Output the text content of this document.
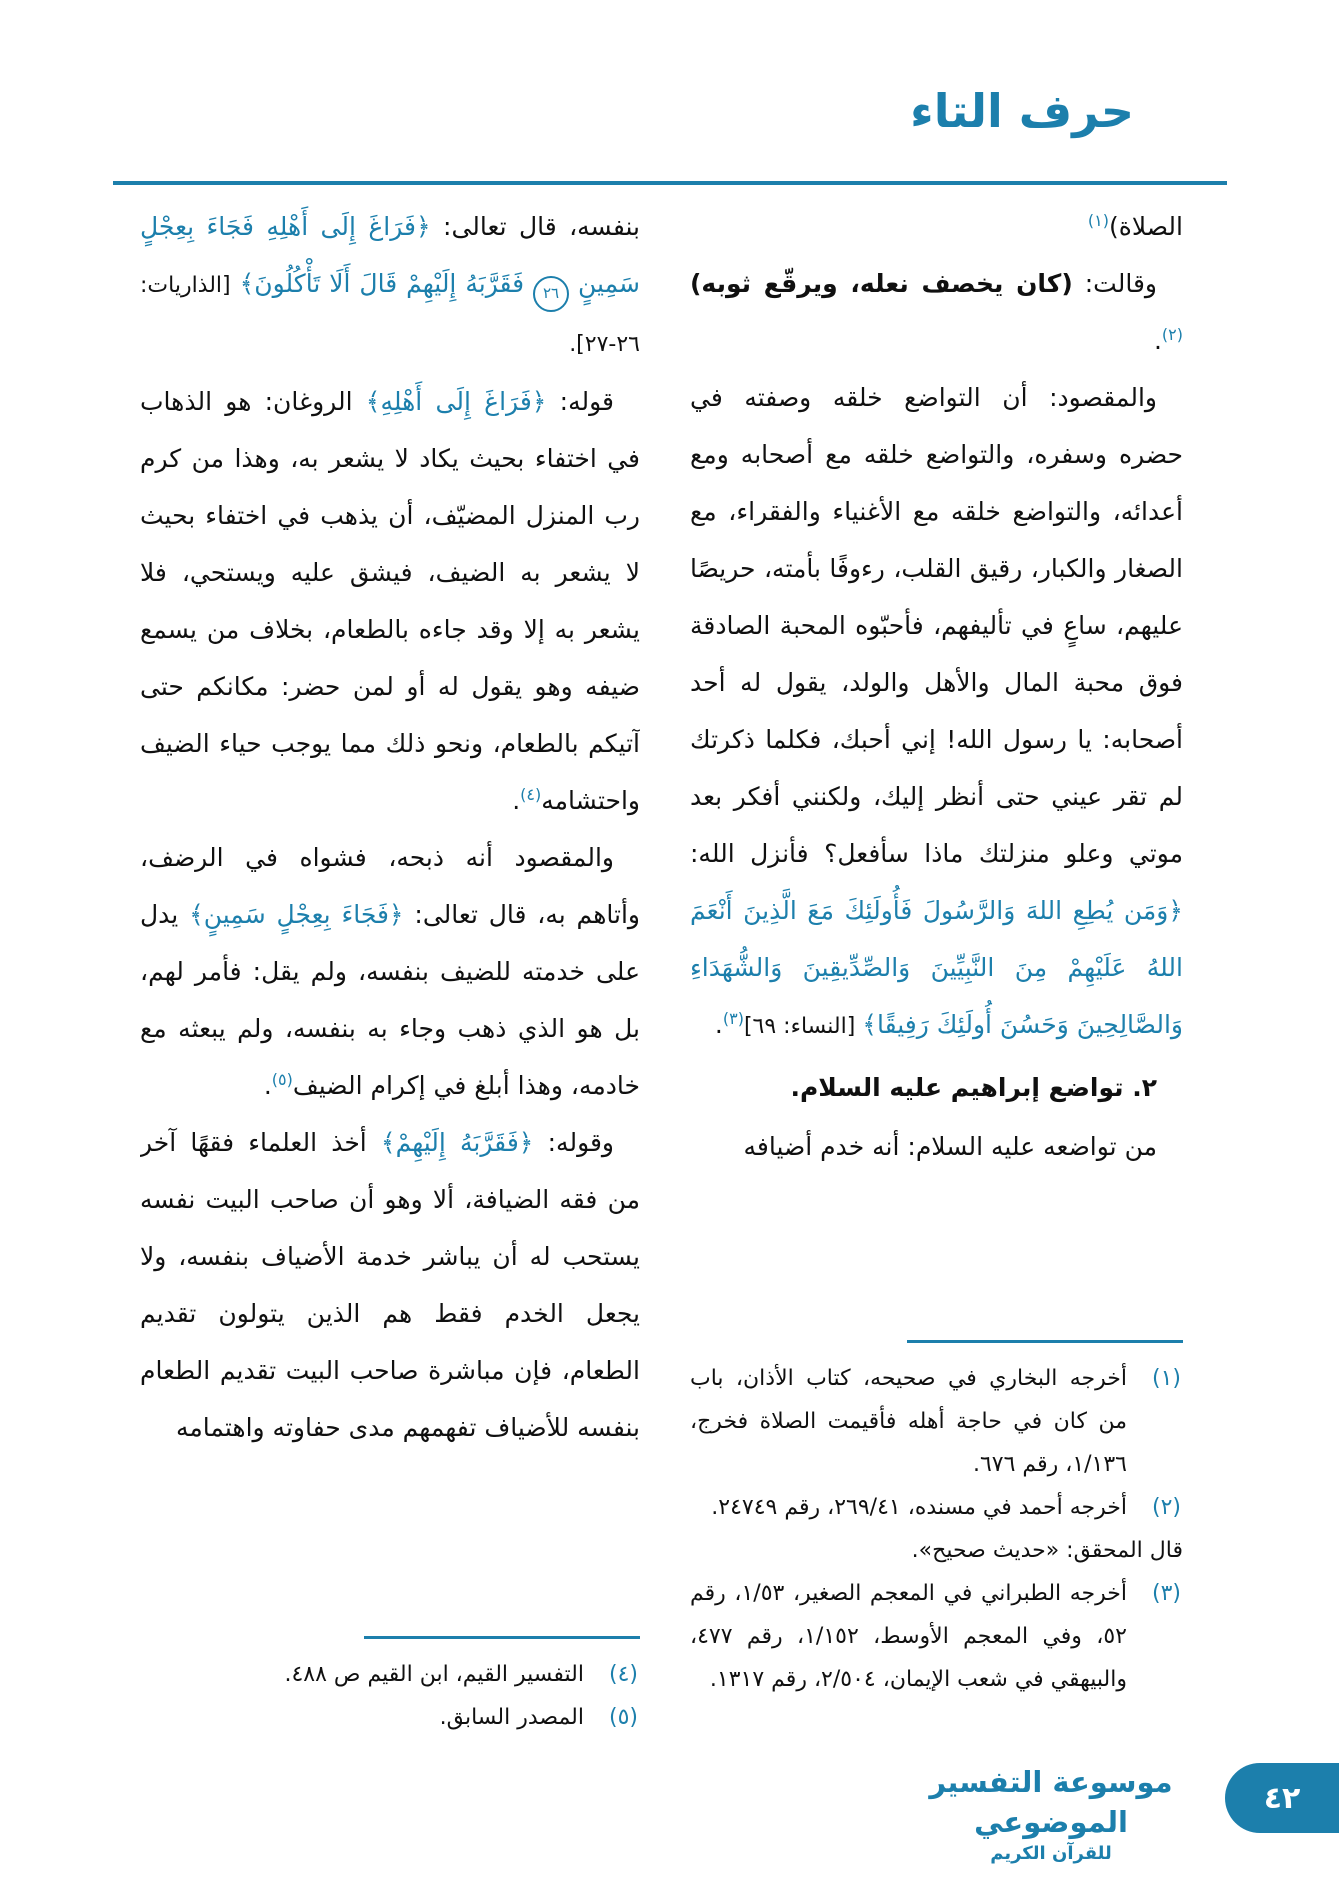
حرف التاء

الصلاة)$^{(١)}$

وقالت: (كان يخصف نعله، ويرقّع ثوبه)$^{(٢)}$.

والمقصود: أن التواضع خلقه وصفته في حضره وسفره، والتواضع خلقه مع أصحابه ومع أعدائه، والتواضع خلقه مع الأغنياء والفقراء، مع الصغار والكبار، رقيق القلب، رءوفًا بأمته، حريصًا عليهم، ساعٍ في تأليفهم، فأحبّوه المحبة الصادقة فوق محبة المال والأهل والولد، يقول له أحد أصحابه: يا رسول الله! إني أحبك، فكلما ذكرتك لم تقر عيني حتى أنظر إليك، ولكنني أفكر بعد موتي وعلو منزلتك ماذا سأفعل؟ فأنزل الله: ﴿وَمَن يُطِعِ اللهَ وَالرَّسُولَ فَأُولَئِكَ مَعَ الَّذِينَ أَنْعَمَ اللهُ عَلَيْهِمْ مِنَ النَّبِيِّينَ وَالصِّدِّيقِينَ وَالشُّهَدَاءِ وَالصَّالِحِينَ وَحَسُنَ أُولَئِكَ رَفِيقًا﴾ [النساء: ٦٩]$^{(٣)}$.

٢. تواضع إبراهيم عليه السلام.

من تواضعه عليه السلام: أنه خدم أضيافه

(١)
أخرجه البخاري في صحيحه، كتاب الأذان، باب من كان في حاجة أهله فأقيمت الصلاة فخرج، ١/١٣٦، رقم ٦٧٦.
(٢)
أخرجه أحمد في مسنده، ٢٦٩/٤١، رقم ٢٤٧٤٩.
قال المحقق: «حديث صحيح».
(٣)
أخرجه الطبراني في المعجم الصغير، ١/٥٣، رقم ٥٢، وفي المعجم الأوسط، ١/١٥٢، رقم ٤٧٧، والبيهقي في شعب الإيمان، ٢/٥٠٤، رقم ١٣١٧.

بنفسه، قال تعالى: ﴿فَرَاغَ إِلَى أَهْلِهِ فَجَاءَ بِعِجْلٍ سَمِينٍ ٢٦ فَقَرَّبَهُ إِلَيْهِمْ قَالَ أَلَا تَأْكُلُونَ﴾ [الذاريات: ٢٦-٢٧].

قوله: ﴿فَرَاغَ إِلَى أَهْلِهِ﴾ الروغان: هو الذهاب في اختفاء بحيث يكاد لا يشعر به، وهذا من كرم رب المنزل المضيّف، أن يذهب في اختفاء بحيث لا يشعر به الضيف، فيشق عليه ويستحي، فلا يشعر به إلا وقد جاءه بالطعام، بخلاف من يسمع ضيفه وهو يقول له أو لمن حضر: مكانكم حتى آتيكم بالطعام، ونحو ذلك مما يوجب حياء الضيف واحتشامه$^{(٤)}$.

والمقصود أنه ذبحه، فشواه في الرضف، وأتاهم به، قال تعالى: ﴿فَجَاءَ بِعِجْلٍ سَمِينٍ﴾ يدل على خدمته للضيف بنفسه، ولم يقل: فأمر لهم، بل هو الذي ذهب وجاء به بنفسه، ولم يبعثه مع خادمه، وهذا أبلغ في إكرام الضيف$^{(٥)}$.

وقوله: ﴿فَقَرَّبَهُ إِلَيْهِمْ﴾ أخذ العلماء فقهًا آخر من فقه الضيافة، ألا وهو أن صاحب البيت نفسه يستحب له أن يباشر خدمة الأضياف بنفسه، ولا يجعل الخدم فقط هم الذين يتولون تقديم الطعام، فإن مباشرة صاحب البيت تقديم الطعام بنفسه للأضياف تفهمهم مدى حفاوته واهتمامه

(٤)
التفسير القيم، ابن القيم ص ٤٨٨.
(٥)
المصدر السابق.
موسوعة التفسير الموضوعي
للقرآن الكريم
٤٢
